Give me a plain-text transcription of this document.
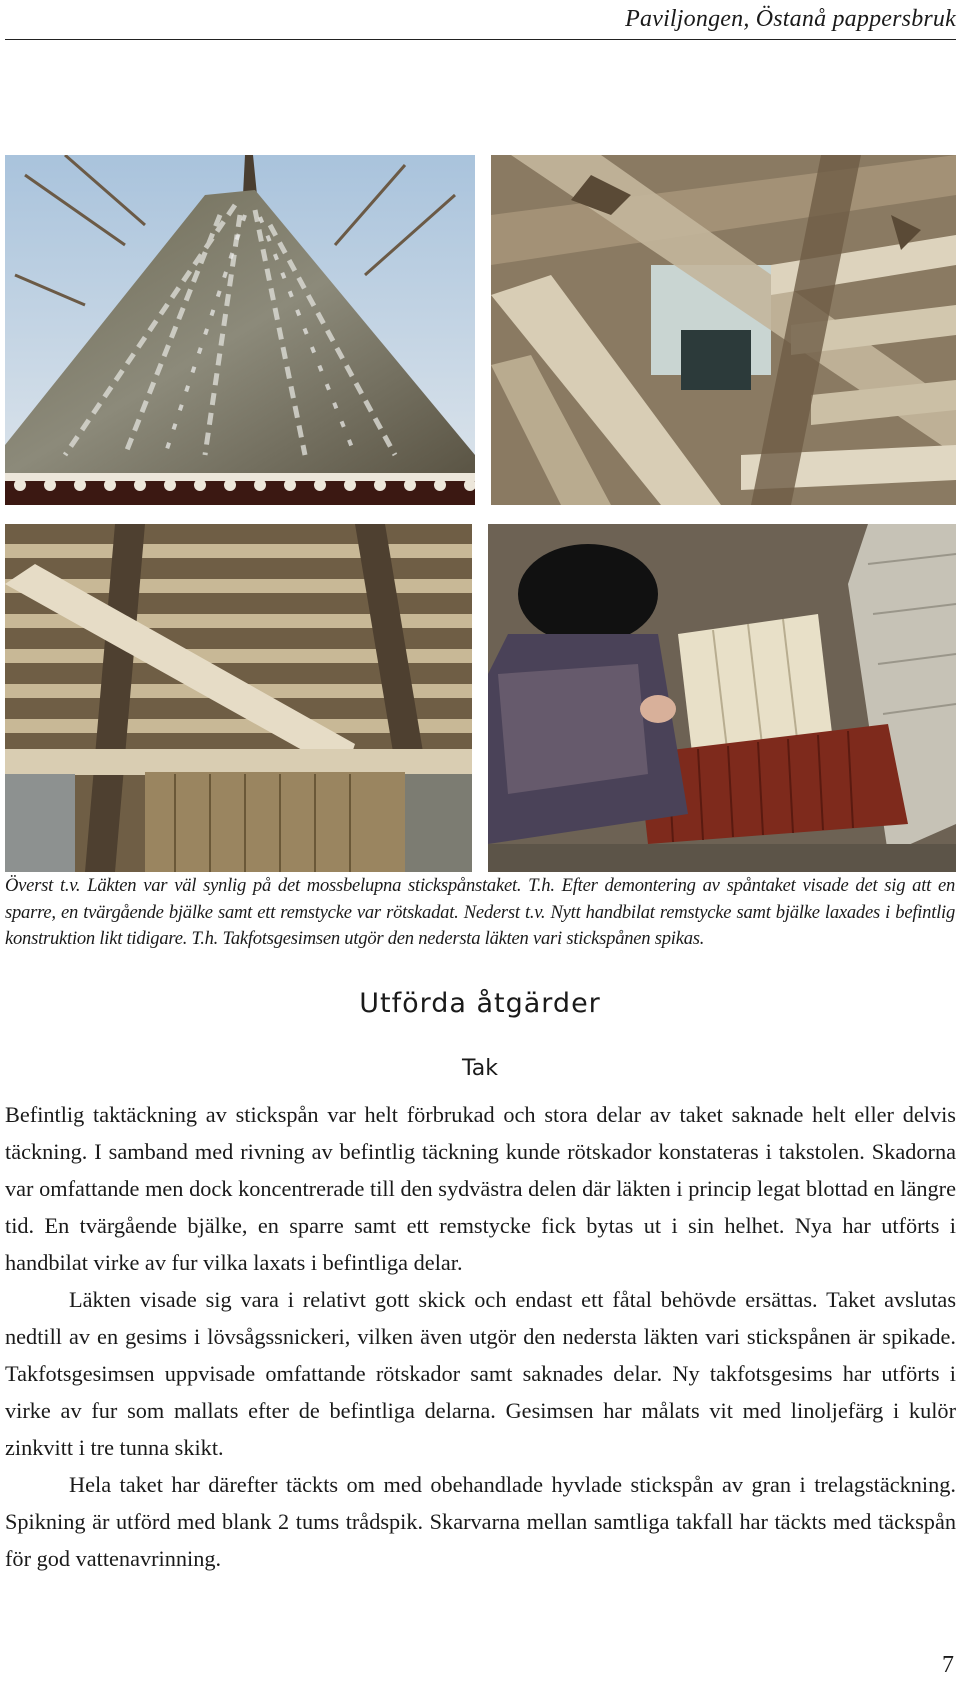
Paviljongen, Östanå pappersbruk
Överst t.v. Läkten var väl synlig på det mossbelupna stickspånstaket. T.h. Efter demontering av spåntaket visade det sig att en sparre, en tvärgående bjälke samt ett remstycke var rötskadat. Nederst t.v. Nytt handbilat remstycke samt bjälke laxades i befintlig konstruktion likt tidigare. T.h. Takfotsgesimsen utgör den nedersta läkten vari stickspånen spikas.
Utförda åtgärder
Tak

Befintlig taktäckning av stickspån var helt förbrukad och stora delar av taket saknade helt eller delvis täckning. I samband med rivning av befintlig täckning kunde rötskador konstateras i takstolen. Skadorna var omfattande men dock koncentrerade till den sydvästra delen där läkten i princip legat blottad en längre tid. En tvärgående bjälke, en sparre samt ett remstycke fick bytas ut i sin helhet. Nya har utförts i handbilat virke av fur vilka laxats i befintliga delar.

Läkten visade sig vara i relativt gott skick och endast ett fåtal behövde ersättas. Taket avslutas nedtill av en gesims i lövsågssnickeri, vilken även utgör den nedersta läkten vari stickspånen är spikade. Takfotsgesimsen uppvisade omfattande rötskador samt saknades delar. Ny takfotsgesims har utförts i virke av fur som mallats efter de befintliga delarna. Gesimsen har målats vit med linoljefärg i kulör zinkvitt i tre tunna skikt.

Hela taket har därefter täckts om med obehandlade hyvlade stickspån av gran i trelagstäckning. Spikning är utförd med blank 2 tums trådspik. Skarvarna mellan samtliga takfall har täckts med täckspån för god vattenavrinning.

7
